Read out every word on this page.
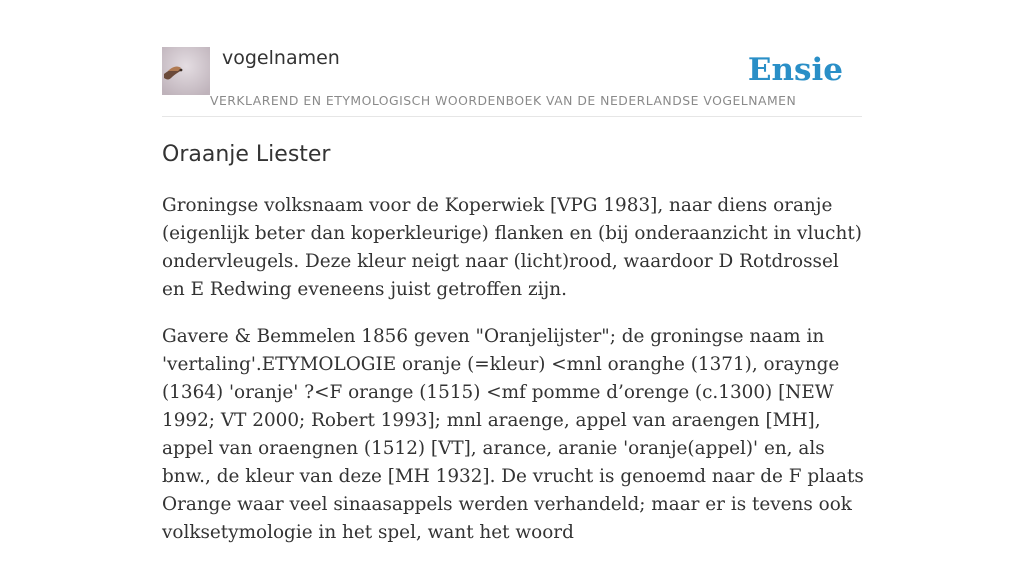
vogelnamen
VERKLAREND EN ETYMOLOGISCH WOORDENBOEK VAN DE NEDERLANDSE VOGELNAMEN
Ensie
Oraanje Liester

Groningse volksnaam voor de Koperwiek [VPG 1983], naar diens oranje (eigenlijk beter dan koperkleurige) flanken en (bij onderaanzicht in vlucht) ondervleugels. Deze kleur neigt naar (licht)rood, waardoor D Rotdrossel en E Redwing eveneens juist getroffen zijn.

Gavere & Bemmelen 1856 geven "Oranjelijster"; de groningse naam in 'vertaling'.ETYMOLOGIE oranje (=kleur) <mnl oranghe (1371), oraynge (1364) 'oranje' ?<F orange (1515) <mf pomme d’orenge (c.1300) [NEW 1992; VT 2000; Robert 1993]; mnl araenge, appel van araengen [MH], appel van oraengnen (1512) [VT], arance, aranie 'oranje(appel)' en, als bnw., de kleur van deze [MH 1932]. De vrucht is genoemd naar de F plaats Orange waar veel sinaasappels werden verhandeld; maar er is tevens ook volksetymologie in het spel, want het woord
